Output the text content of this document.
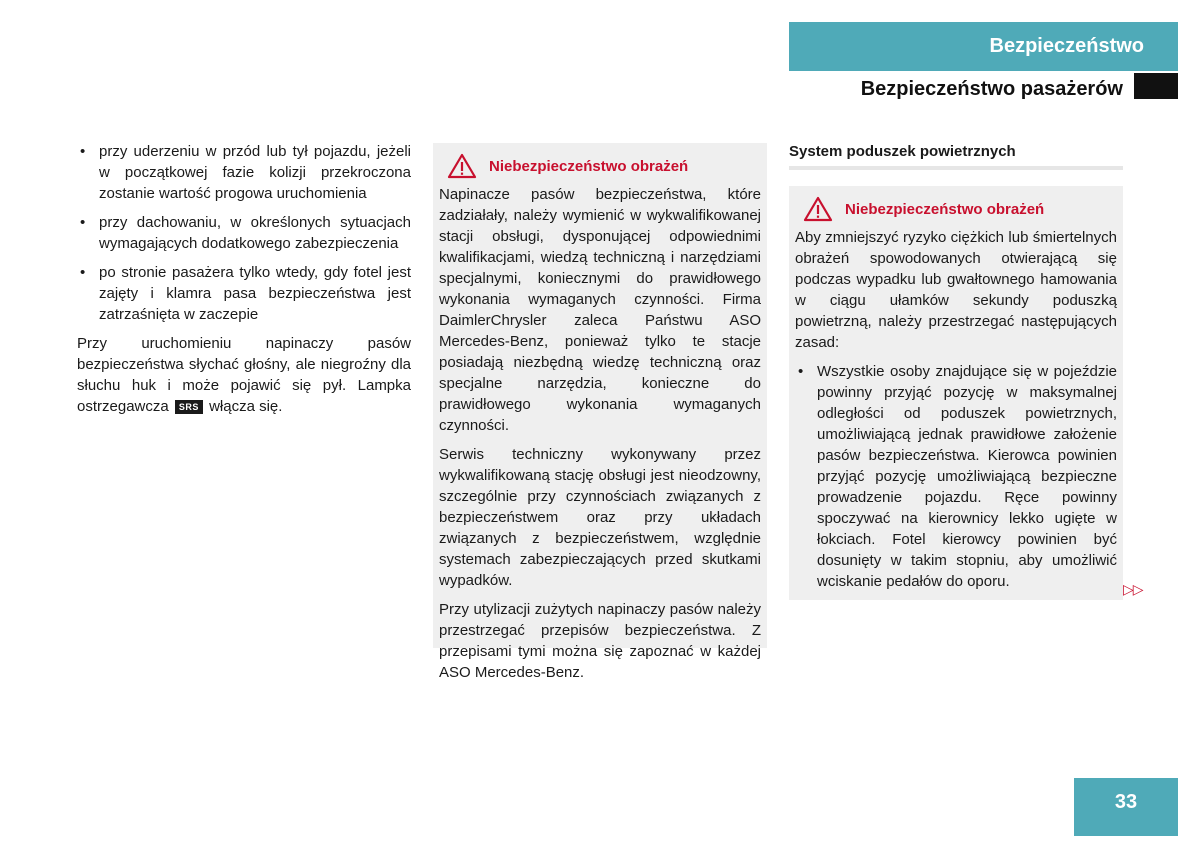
Bezpieczeństwo
Bezpieczeństwo pasażerów
• przy uderzeniu w przód lub tył pojazdu, jeżeli w początkowej fazie kolizji przekroczona zostanie wartość progowa uruchomienia
• przy dachowaniu, w określonych sytuacjach wymagających dodatkowego zabezpieczenia
• po stronie pasażera tylko wtedy, gdy fotel jest zajęty i klamra pasa bezpieczeństwa jest zatrzaśnięta w zaczepie

Przy uruchomieniu napinaczy pasów bezpieczeństwa słychać głośny, ale niegroźny dla słuchu huk i może pojawić się pył. Lampka ostrzegawcza SRS włącza się.

Niebezpieczeństwo obrażeń

Napinacze pasów bezpieczeństwa, które zadziałały, należy wymienić w wykwalifikowanej stacji obsługi, dysponującej odpowiednimi kwalifikacjami, wiedzą techniczną i narzędziami specjalnymi, koniecznymi do prawidłowego wykonania wymaganych czynności. Firma DaimlerChrysler zaleca Państwu ASO Mercedes-Benz, ponieważ tylko te stacje posiadają niezbędną wiedzę techniczną oraz specjalne narzędzia, konieczne do prawidłowego wykonania wymaganych czynności.

Serwis techniczny wykonywany przez wykwalifikowaną stację obsługi jest nieodzowny, szczególnie przy czynnościach związanych z bezpieczeństwem oraz przy układach związanych z bezpieczeństwem, względnie systemach zabezpieczających przed skutkami wypadków.

Przy utylizacji zużytych napinaczy pasów należy przestrzegać przepisów bezpieczeństwa. Z przepisami tymi można się zapoznać w każdej ASO Mercedes-Benz.

System poduszek powietrznych
Niebezpieczeństwo obrażeń

Aby zmniejszyć ryzyko ciężkich lub śmiertelnych obrażeń spowodowanych otwierającą się podczas wypadku lub gwałtownego hamowania w ciągu ułamków sekundy poduszką powietrzną, należy przestrzegać następujących zasad:

• Wszystkie osoby znajdujące się w pojeździe powinny przyjąć pozycję w maksymalnej odległości od poduszek powietrznych, umożliwiającą jednak prawidłowe założenie pasów bezpieczeństwa. Kierowca powinien przyjąć pozycję umożliwiającą bezpieczne prowadzenie pojazdu. Ręce powinny spoczywać na kierownicy lekko ugięte w łokciach. Fotel kierowcy powinien być dosunięty w takim stopniu, aby umożliwić wciskanie pedałów do oporu.	▷▷
33
